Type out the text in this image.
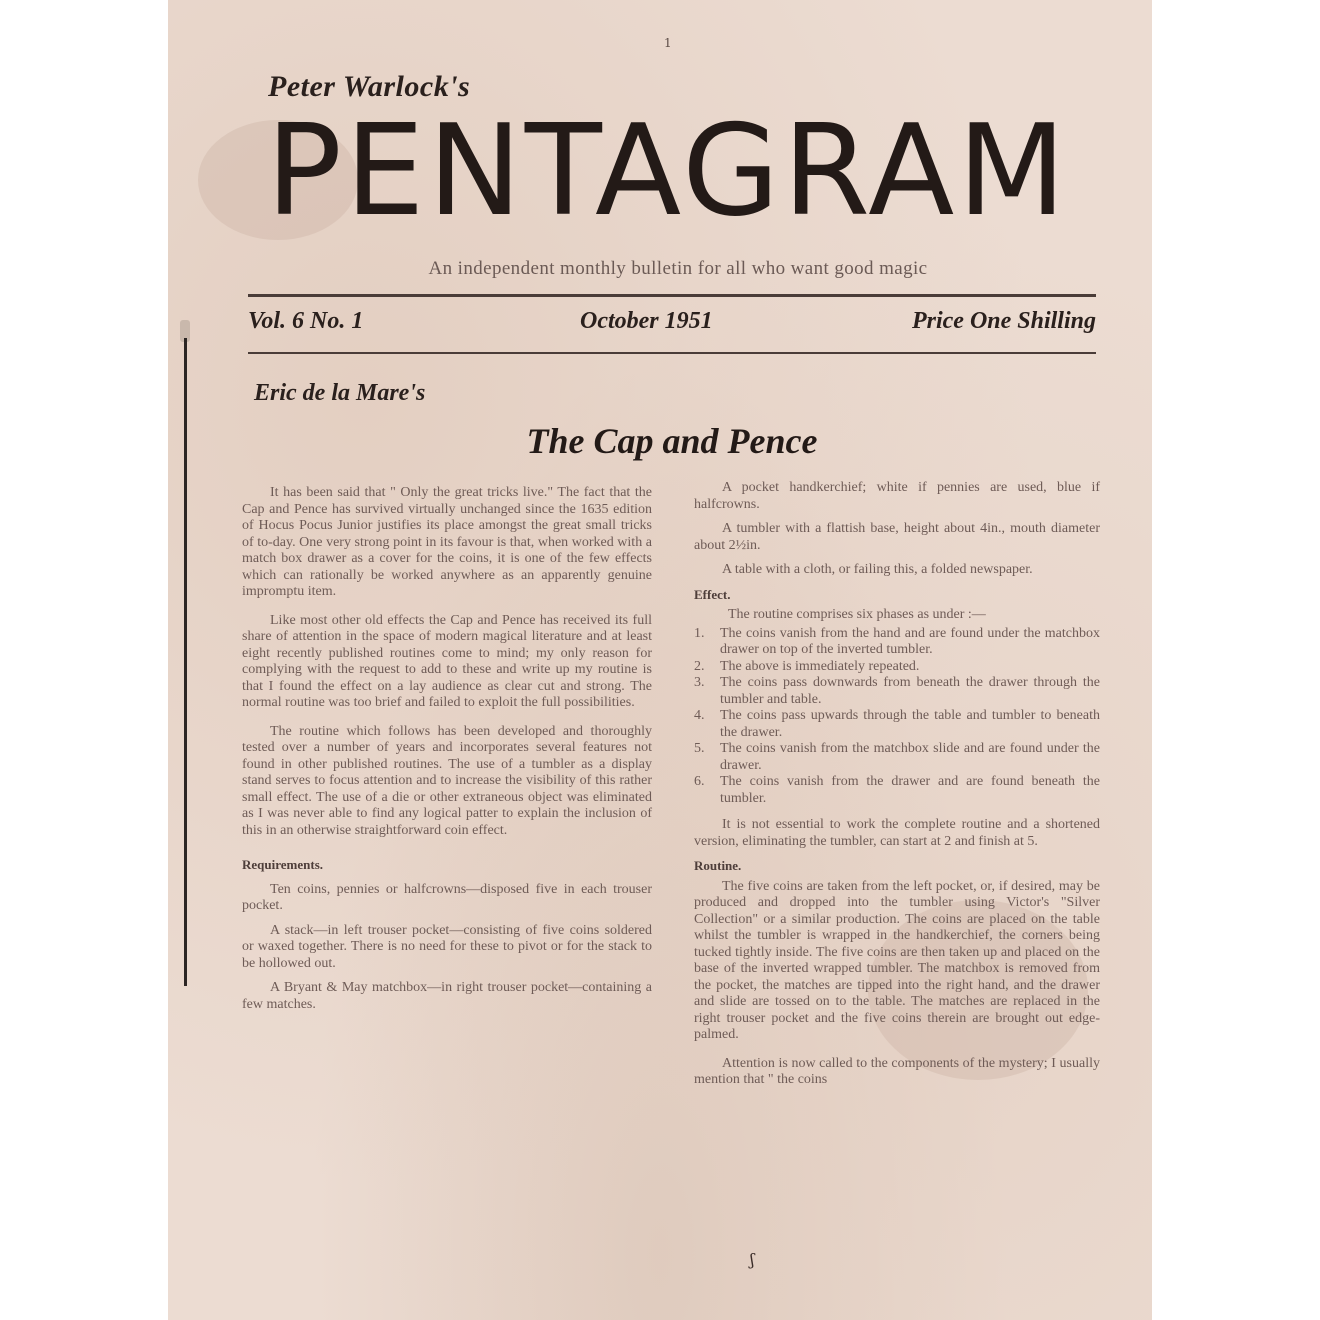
1
Peter Warlock's
PENTAGRAM
An independent monthly bulletin for all who want good magic
Vol. 6 No. 1	October 1951	Price One Shilling
Eric de la Mare's
The Cap and Pence

It has been said that " Only the great tricks live." The fact that the Cap and Pence has survived virtually unchanged since the 1635 edition of Hocus Pocus Junior justifies its place amongst the great small tricks of to-day. One very strong point in its favour is that, when worked with a match box drawer as a cover for the coins, it is one of the few effects which can rationally be worked anywhere as an apparently genuine impromptu item.

Like most other old effects the Cap and Pence has received its full share of attention in the space of modern magical literature and at least eight recently published routines come to mind; my only reason for complying with the request to add to these and write up my routine is that I found the effect on a lay audience as clear cut and strong. The normal routine was too brief and failed to exploit the full possibilities.

The routine which follows has been developed and thoroughly tested over a number of years and incorporates several features not found in other published routines. The use of a tumbler as a display stand serves to focus attention and to increase the visibility of this rather small effect. The use of a die or other extraneous object was eliminated as I was never able to find any logical patter to explain the inclusion of this in an otherwise straightforward coin effect.

Requirements.

Ten coins, pennies or halfcrowns—disposed five in each trouser pocket.

A stack—in left trouser pocket—consisting of five coins soldered or waxed together. There is no need for these to pivot or for the stack to be hollowed out.

A Bryant & May matchbox—in right trouser pocket—containing a few matches.

A pocket handkerchief; white if pennies are used, blue if halfcrowns.

A tumbler with a flattish base, height about 4in., mouth diameter about 2½in.

A table with a cloth, or failing this, a folded newspaper.

Effect.

The routine comprises six phases as under :—

1. The coins vanish from the hand and are found under the matchbox drawer on top of the inverted tumbler.
2. The above is immediately repeated.
3. The coins pass downwards from beneath the drawer through the tumbler and table.
4. The coins pass upwards through the table and tumbler to beneath the drawer.
5. The coins vanish from the matchbox slide and are found under the drawer.
6. The coins vanish from the drawer and are found beneath the tumbler.

It is not essential to work the complete routine and a shortened version, eliminating the tumbler, can start at 2 and finish at 5.

Routine.

The five coins are taken from the left pocket, or, if desired, may be produced and dropped into the tumbler using Victor's "Silver Collection" or a similar production. The coins are placed on the table whilst the tumbler is wrapped in the handkerchief, the corners being tucked tightly inside. The five coins are then taken up and placed on the base of the inverted wrapped tumbler. The matchbox is removed from the pocket, the matches are tipped into the right hand, and the drawer and slide are tossed on to the table. The matches are replaced in the right trouser pocket and the five coins therein are brought out edge-palmed.

Attention is now called to the components of the mystery; I usually mention that " the coins

ʃ
